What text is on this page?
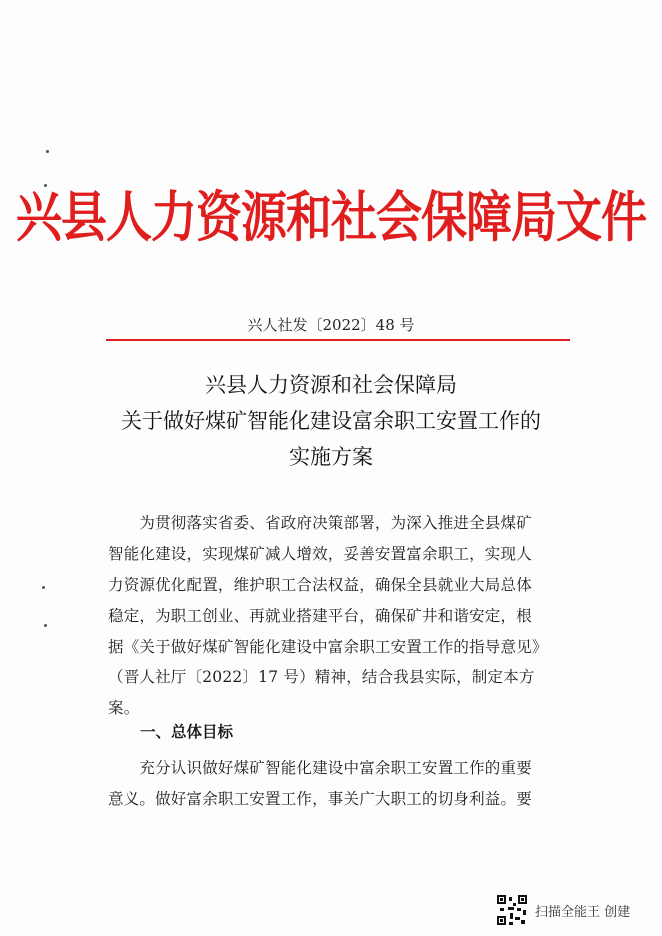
兴县人力资源和社会保障局文件
兴人社发〔2022〕48 号
兴县人力资源和社会保障局
关于做好煤矿智能化建设富余职工安置工作的
实施方案
　　为贯彻落实省委、省政府决策部署，为深入推进全县煤矿
智能化建设，实现煤矿减人增效，妥善安置富余职工，实现人
力资源优化配置，维护职工合法权益，确保全县就业大局总体
稳定，为职工创业、再就业搭建平台，确保矿井和谐安定，根
据《关于做好煤矿智能化建设中富余职工安置工作的指导意见》
（晋人社厅〔2022〕17 号）精神，结合我县实际，制定本方
案。
一、总体目标
　　充分认识做好煤矿智能化建设中富余职工安置工作的重要
意义。做好富余职工安置工作，事关广大职工的切身利益。要
扫描全能王 创建
